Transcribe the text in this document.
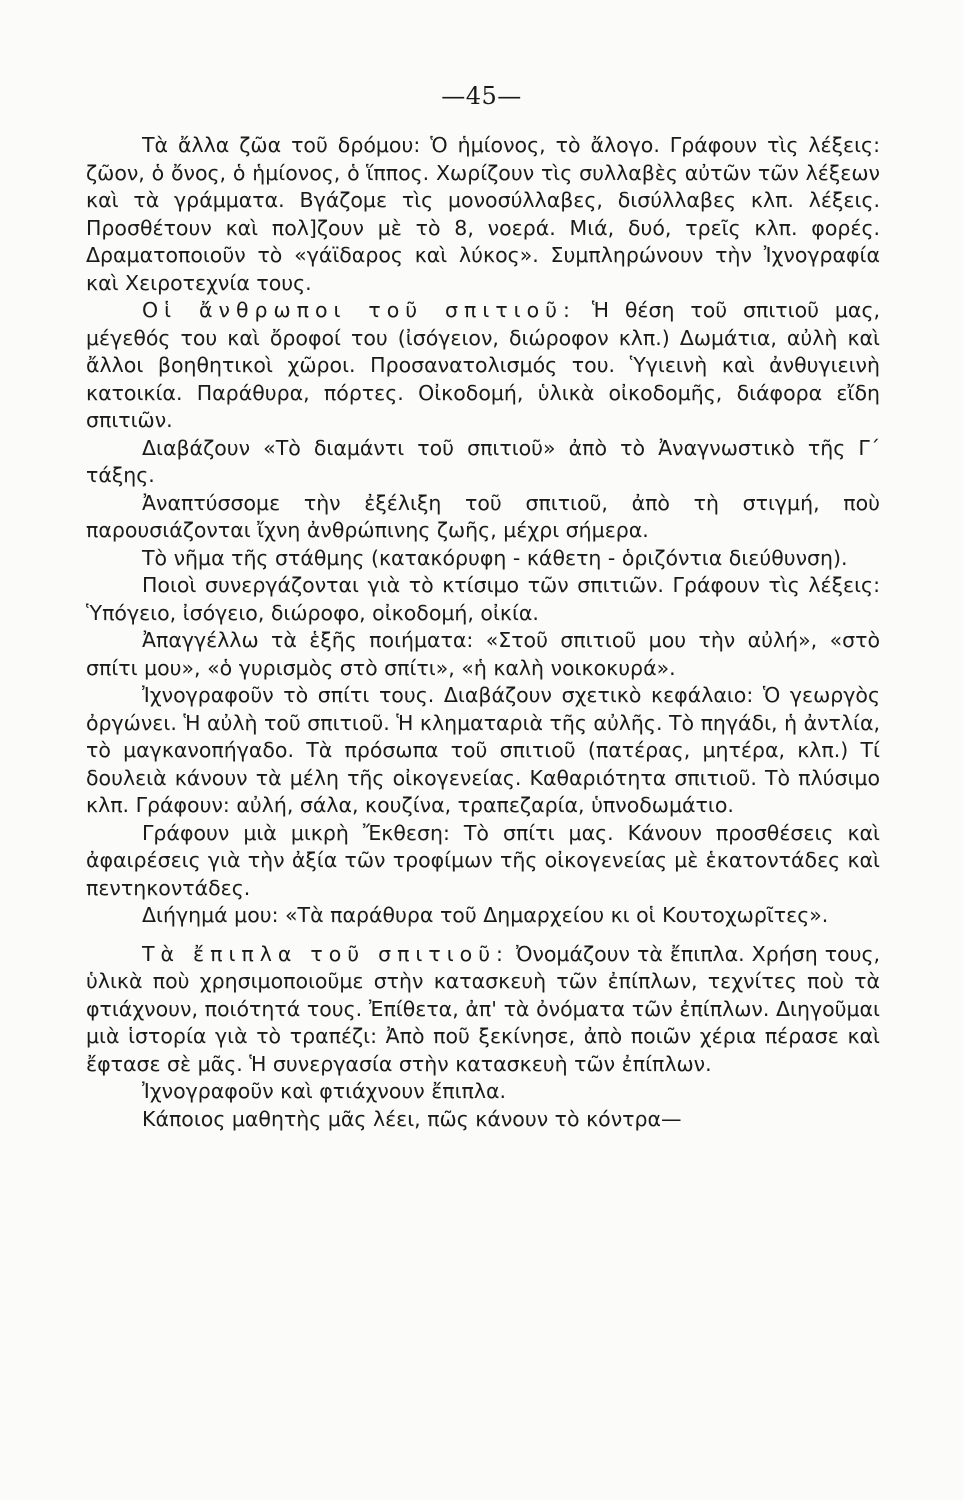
—45—

Τὰ ἄλλα ζῶα τοῦ δρόμου: Ὁ ἡμίονος, τὸ ἄλογο. Γράφουν τὶς λέξεις: ζῶον, ὁ ὄνος, ὁ ἡμίονος, ὁ ἵππος. Χωρίζουν τὶς συλλαβὲς αὐτῶν τῶν λέξεων καὶ τὰ γράμματα. Βγάζομε τὶς μονοσύλλαβες, δισύλλαβες κλπ. λέξεις. Προσθέτουν καὶ πολ]ζουν μὲ τὸ 8, νοερά. Μιά, δυό, τρεῖς κλπ. φορές. Δραματοποιοῦν τὸ «γάϊδαρος καὶ λύκος». Συμπληρώνουν τὴν Ἰχνογραφία καὶ Χειροτεχνία τους.

Οἱ ἄνθρωποι τοῦ σπιτιοῦ: Ἡ θέση τοῦ σπιτιοῦ μας, μέγεθός του καὶ ὄροφοί του (ἰσόγειον, διώροφον κλπ.) Δωμάτια, αὐλὴ καὶ ἄλλοι βοηθητικοὶ χῶροι. Προσανατολισμός του. Ὑγιεινὴ καὶ ἀνθυγιεινὴ κατοικία. Παράθυρα, πόρτες. Οἰκοδομή, ὑλικὰ οἰκοδομῆς, διάφορα εἴδη σπιτιῶν.

Διαβάζουν «Τὸ διαμάντι τοῦ σπιτιοῦ» ἀπὸ τὸ Ἀναγνωστικὸ τῆς Γ΄ τάξης.

Ἀναπτύσσομε τὴν ἐξέλιξη τοῦ σπιτιοῦ, ἀπὸ τὴ στιγμή, ποὺ παρουσιάζονται ἴχνη ἀνθρώπινης ζωῆς, μέχρι σήμερα.

Τὸ νῆμα τῆς στάθμης (κατακόρυφη - κάθετη - ὁριζόντια διεύθυνση).

Ποιοὶ συνεργάζονται γιὰ τὸ κτίσιμο τῶν σπιτιῶν. Γράφουν τὶς λέξεις: Ὑπόγειο, ἰσόγειο, διώροφο, οἰκοδομή, οἰκία.

Ἀπαγγέλλω τὰ ἑξῆς ποιήματα: «Στοῦ σπιτιοῦ μου τὴν αὐλή», «στὸ σπίτι μου», «ὁ γυρισμὸς στὸ σπίτι», «ἡ καλὴ νοικοκυρά».

Ἰχνογραφοῦν τὸ σπίτι τους. Διαβάζουν σχετικὸ κεφάλαιο: Ὁ γεωργὸς ὀργώνει. Ἡ αὐλὴ τοῦ σπιτιοῦ. Ἡ κληματαριὰ τῆς αὐλῆς. Τὸ πηγάδι, ἡ ἀντλία, τὸ μαγκανοπήγαδο. Τὰ πρόσωπα τοῦ σπιτιοῦ (πατέρας, μητέρα, κλπ.) Τί δουλειὰ κάνουν τὰ μέλη τῆς οἰκογενείας. Καθαριότητα σπιτιοῦ. Τὸ πλύσιμο κλπ. Γράφουν: αὐλή, σάλα, κουζίνα, τραπεζαρία, ὑπνοδωμάτιο.

Γράφουν μιὰ μικρὴ Ἔκθεση: Τὸ σπίτι μας. Κάνουν προσθέσεις καὶ ἀφαιρέσεις γιὰ τὴν ἀξία τῶν τροφίμων τῆς οἰκογενείας μὲ ἑκατοντάδες καὶ πεντηκοντάδες.

Διήγημά μου: «Τὰ παράθυρα τοῦ Δημαρχείου κι οἱ Κουτοχωρῖτες».

Τὰ ἔπιπλα τοῦ σπιτιοῦ: Ὀνομάζουν τὰ ἔπιπλα. Χρήση τους, ὑλικὰ ποὺ χρησιμοποιοῦμε στὴν κατασκευὴ τῶν ἐπίπλων, τεχνίτες ποὺ τὰ φτιάχνουν, ποιότητά τους. Ἐπίθετα, ἀπ' τὰ ὀνόματα τῶν ἐπίπλων. Διηγοῦμαι μιὰ ἱστορία γιὰ τὸ τραπέζι: Ἀπὸ ποῦ ξεκίνησε, ἀπὸ ποιῶν χέρια πέρασε καὶ ἔφτασε σὲ μᾶς. Ἡ συνεργασία στὴν κατασκευὴ τῶν ἐπίπλων.

Ἰχνογραφοῦν καὶ φτιάχνουν ἔπιπλα.

Κάποιος μαθητὴς μᾶς λέει, πῶς κάνουν τὸ κόντρα—
